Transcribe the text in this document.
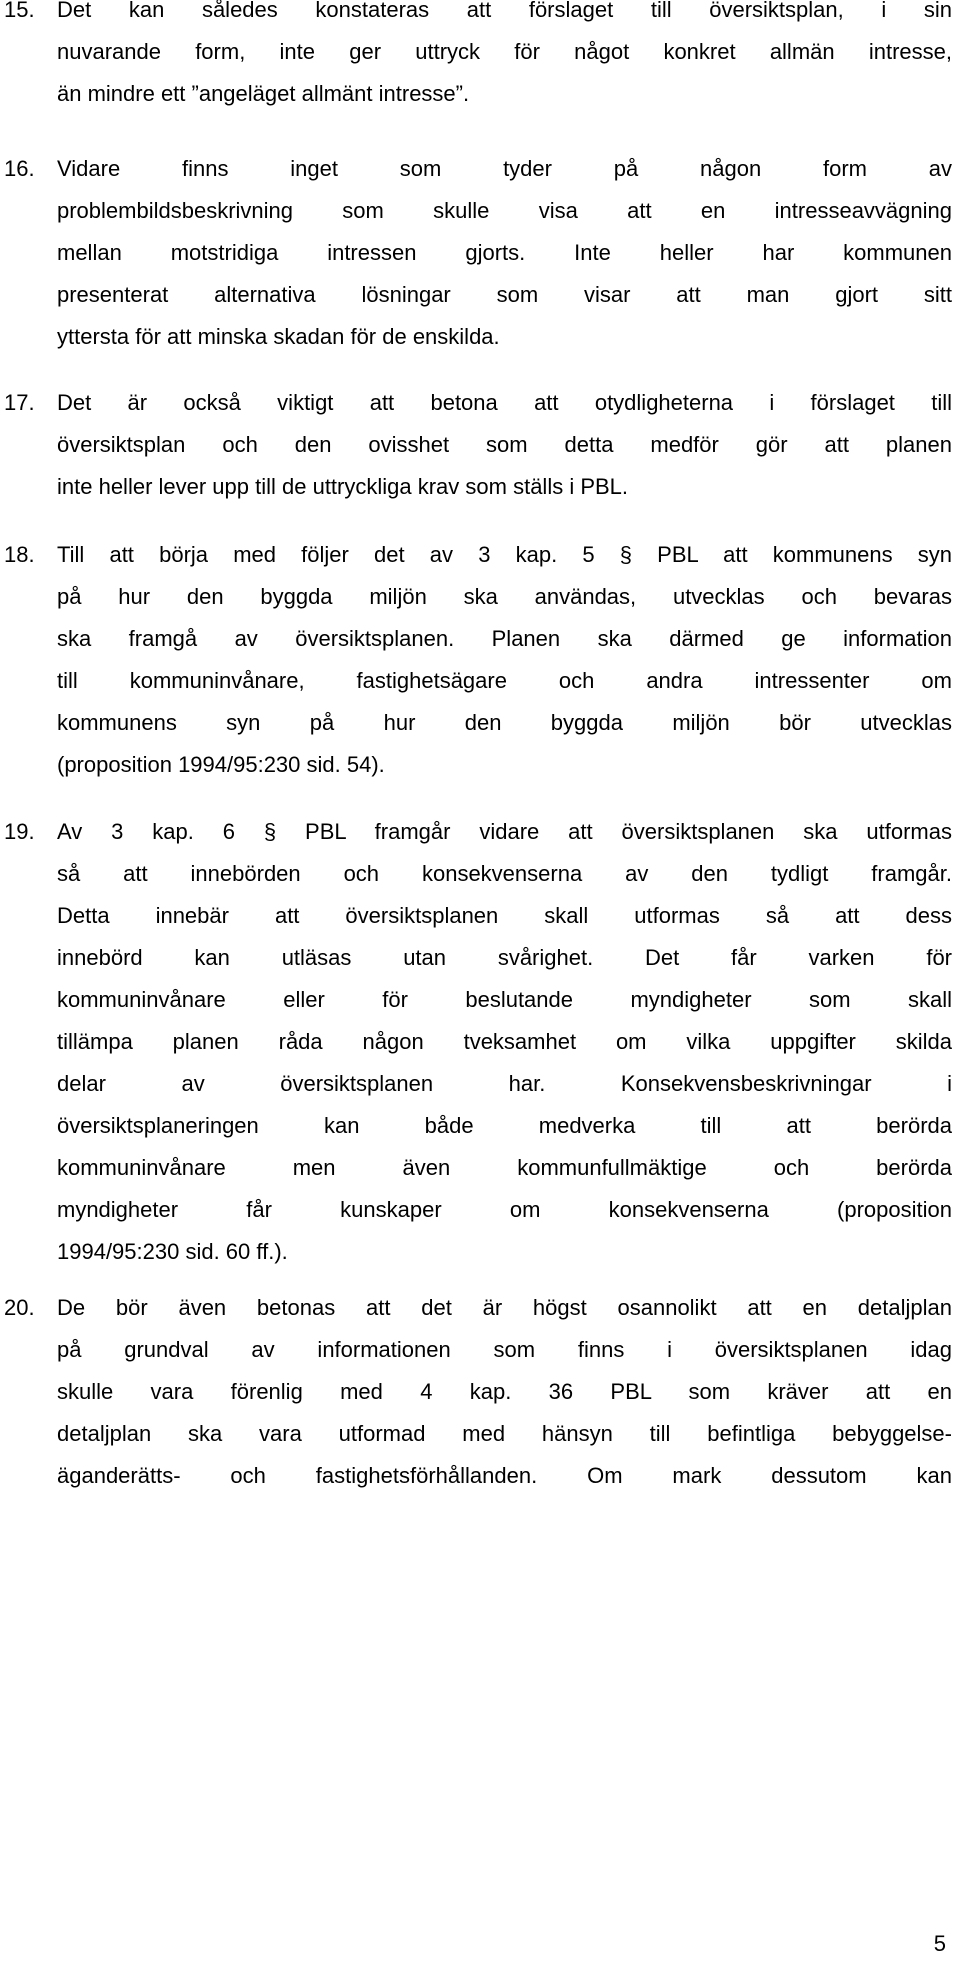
15. Det kan således konstateras att förslaget till översiktsplan, i sin
nuvarande form, inte ger uttryck för något konkret allmän intresse,
än mindre ett ”angeläget allmänt intresse”.
16. Vidare finns inget som tyder på någon form av
problembildsbeskrivning som skulle visa att en intresseavvägning
mellan motstridiga intressen gjorts. Inte heller har kommunen
presenterat alternativa lösningar som visar att man gjort sitt
yttersta för att minska skadan för de enskilda.
17. Det är också viktigt att betona att otydligheterna i förslaget till
översiktsplan och den ovisshet som detta medför gör att planen
inte heller lever upp till de uttryckliga krav som ställs i PBL.
18. Till att börja med följer det av 3 kap. 5 § PBL att kommunens syn
på hur den byggda miljön ska användas, utvecklas och bevaras
ska framgå av översiktsplanen. Planen ska därmed ge information
till kommuninvånare, fastighetsägare och andra intressenter om
kommunens syn på hur den byggda miljön bör utvecklas
(proposition 1994/95:230 sid. 54).
19. Av 3 kap. 6 § PBL framgår vidare att översiktsplanen ska utformas
så att innebörden och konsekvenserna av den tydligt framgår.
Detta innebär att översiktsplanen skall utformas så att dess
innebörd kan utläsas utan svårighet. Det får varken för
kommuninvånare eller för beslutande myndigheter som skall
tillämpa planen råda någon tveksamhet om vilka uppgifter skilda
delar av översiktsplanen har. Konsekvensbeskrivningar i
översiktsplaneringen kan både medverka till att berörda
kommuninvånare men även kommunfullmäktige och berörda
myndigheter får kunskaper om konsekvenserna (proposition
1994/95:230 sid. 60 ff.).
20. De bör även betonas att det är högst osannolikt att en detaljplan
på grundval av informationen som finns i översiktsplanen idag
skulle vara förenlig med 4 kap. 36 PBL som kräver att en
detaljplan ska vara utformad med hänsyn till befintliga bebyggelse-
äganderätts- och fastighetsförhållanden. Om mark dessutom kan
5
